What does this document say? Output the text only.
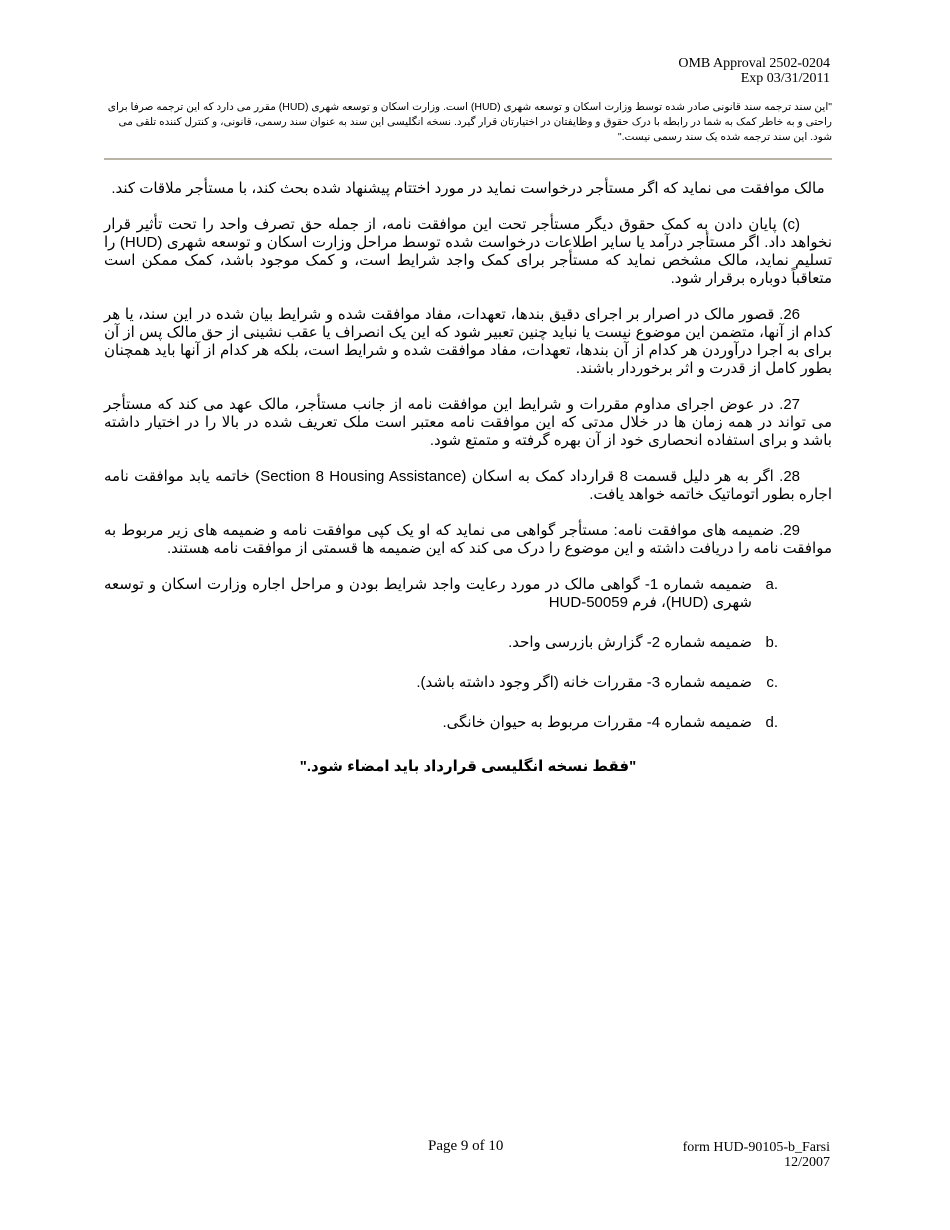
OMB Approval 2502-0204
Exp 03/31/2011
"این سند ترجمه سند قانونی صادر شده توسط وزارت اسکان و توسعه شهری (HUD) است. وزارت اسکان و توسعه شهری (HUD) مقرر می دارد که این ترجمه صرفا برای راحتی و به خاطر کمک به شما در رابطه با درک حقوق و وظایفتان در اختیارتان قرار گیرد. نسخه انگلیسی این سند به عنوان سند رسمی، قانونی، و کنترل کننده تلقی می شود. این سند ترجمه شده یک سند رسمی نیست."

مالک موافقت می نماید که اگر مستأجر درخواست نماید در مورد اختتام پیشنهاد شده بحث کند، با مستأجر ملاقات کند.

(c) پایان دادن به کمک حقوق دیگر مستأجر تحت این موافقت نامه، از جمله حق تصرف واحد را تحت تأثیر قرار نخواهد داد. اگر مستأجر درآمد یا سایر اطلاعات درخواست شده توسط مراحل وزارت اسکان و توسعه شهری (HUD) را تسلیم نماید، مالک مشخص نماید که مستأجر برای کمک واجد شرایط است، و کمک موجود باشد، کمک ممکن است متعاقباً دوباره برقرار شود.

26. قصور مالک در اصرار بر اجرای دقیق بندها، تعهدات، مفاد موافقت شده و شرایط بیان شده در این سند، یا هر کدام از آنها، متضمن این موضوع نیست یا نباید چنین تعبیر شود که این یک انصراف یا عقب نشینی از حق مالک پس از آن برای به اجرا درآوردن هر کدام از آن بندها، تعهدات، مفاد موافقت شده و شرایط است، بلکه هر کدام از آنها باید همچنان بطور کامل از قدرت و اثر برخوردار باشند.

27. در عوض اجرای مداوم مقررات و شرایط این موافقت نامه از جانب مستأجر، مالک عهد می کند که مستأجر می تواند در همه زمان ها در خلال مدتی که این موافقت نامه معتبر است ملک تعریف شده در بالا را در اختیار داشته باشد و برای استفاده انحصاری خود از آن بهره گرفته و متمتع شود.

28. اگر به هر دلیل قسمت 8 قرارداد کمک به اسکان (Section 8 Housing Assistance) خاتمه یابد موافقت نامه اجاره بطور اتوماتیک خاتمه خواهد یافت.

29. ضمیمه های موافقت نامه: مستأجر گواهی می نماید که او یک کپی موافقت نامه و ضمیمه های زیر مربوط به موافقت نامه را دریافت داشته و این موضوع را درک می کند که این ضمیمه ها قسمتی از موافقت نامه هستند.

.a
ضمیمه شماره 1- گواهی مالک در مورد رعایت واجد شرایط بودن و مراحل اجاره وزارت اسکان و توسعه شهری (HUD)، فرم HUD-50059
.b
ضمیمه شماره 2- گزارش بازرسی واحد.
.c
ضمیمه شماره 3- مقررات خانه (اگر وجود داشته باشد).
.d
ضمیمه شماره 4- مقررات مربوط به حیوان خانگی.
"فقط نسخه انگلیسی قرارداد باید امضاء شود."
Page 9 of 10	form HUD-90105-b_Farsi
12/2007
